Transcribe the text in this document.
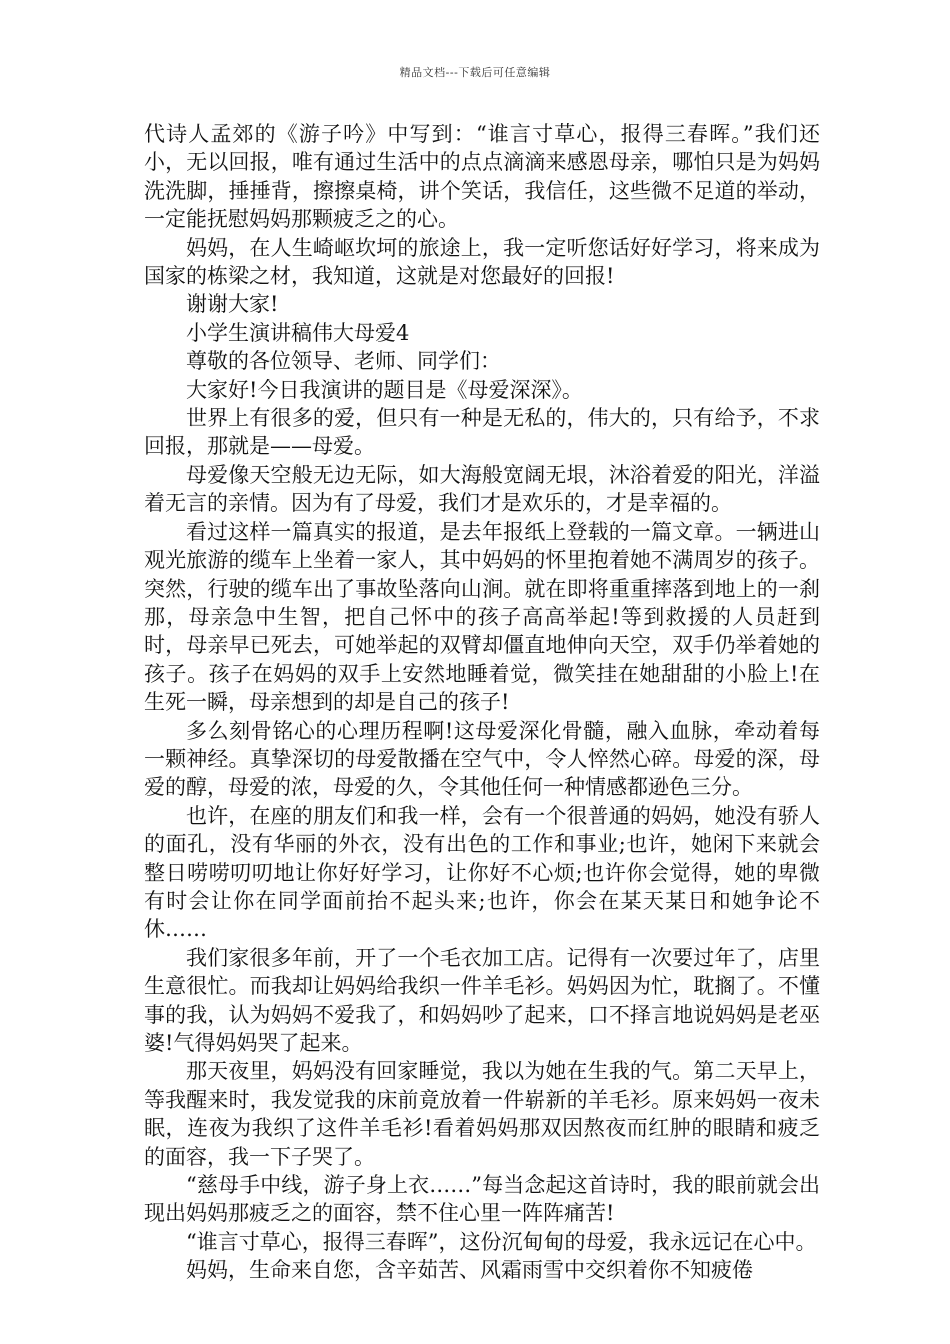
精品文档---下载后可任意编辑

代诗人孟郊的《游子吟》中写到：“谁言寸草心，报得三春晖。”我们还小，无以回报，唯有通过生活中的点点滴滴来感恩母亲，哪怕只是为妈妈洗洗脚，捶捶背，擦擦桌椅，讲个笑话，我信任，这些微不足道的举动，一定能抚慰妈妈那颗疲乏之的心。

妈妈，在人生崎岖坎坷的旅途上，我一定听您话好好学习，将来成为国家的栋梁之材，我知道，这就是对您最好的回报!

谢谢大家!

小学生演讲稿伟大母爱4

尊敬的各位领导、老师、同学们：

大家好!今日我演讲的题目是《母爱深深》。

世界上有很多的爱，但只有一种是无私的，伟大的，只有给予，不求回报，那就是——母爱。

母爱像天空般无边无际，如大海般宽阔无垠，沐浴着爱的阳光，洋溢着无言的亲情。因为有了母爱，我们才是欢乐的，才是幸福的。

看过这样一篇真实的报道，是去年报纸上登载的一篇文章。一辆进山观光旅游的缆车上坐着一家人，其中妈妈的怀里抱着她不满周岁的孩子。突然，行驶的缆车出了事故坠落向山涧。就在即将重重摔落到地上的一刹那，母亲急中生智，把自己怀中的孩子高高举起!等到救援的人员赶到时，母亲早已死去，可她举起的双臂却僵直地伸向天空，双手仍举着她的孩子。孩子在妈妈的双手上安然地睡着觉，微笑挂在她甜甜的小脸上!在生死一瞬，母亲想到的却是自己的孩子!

多么刻骨铭心的心理历程啊!这母爱深化骨髓，融入血脉，牵动着每一颗神经。真挚深切的母爱散播在空气中，令人悴然心碎。母爱的深，母爱的醇，母爱的浓，母爱的久，令其他任何一种情感都逊色三分。

也许，在座的朋友们和我一样，会有一个很普通的妈妈，她没有骄人的面孔，没有华丽的外衣，没有出色的工作和事业;也许，她闲下来就会整日唠唠叨叨地让你好好学习，让你好不心烦;也许你会觉得，她的卑微有时会让你在同学面前抬不起头来;也许，你会在某天某日和她争论不休……

我们家很多年前，开了一个毛衣加工店。记得有一次要过年了，店里生意很忙。而我却让妈妈给我织一件羊毛衫。妈妈因为忙，耽搁了。不懂事的我，认为妈妈不爱我了，和妈妈吵了起来，口不择言地说妈妈是老巫婆!气得妈妈哭了起来。

那天夜里，妈妈没有回家睡觉，我以为她在生我的气。第二天早上，等我醒来时，我发觉我的床前竟放着一件崭新的羊毛衫。原来妈妈一夜未眠，连夜为我织了这件羊毛衫!看着妈妈那双因熬夜而红肿的眼睛和疲乏的面容，我一下子哭了。

“慈母手中线，游子身上衣……”每当念起这首诗时，我的眼前就会出现出妈妈那疲乏之的面容，禁不住心里一阵阵痛苦!

“谁言寸草心，报得三春晖”，这份沉甸甸的母爱，我永远记在心中。

妈妈，生命来自您，含辛茹苦、风霜雨雪中交织着你不知疲倦
